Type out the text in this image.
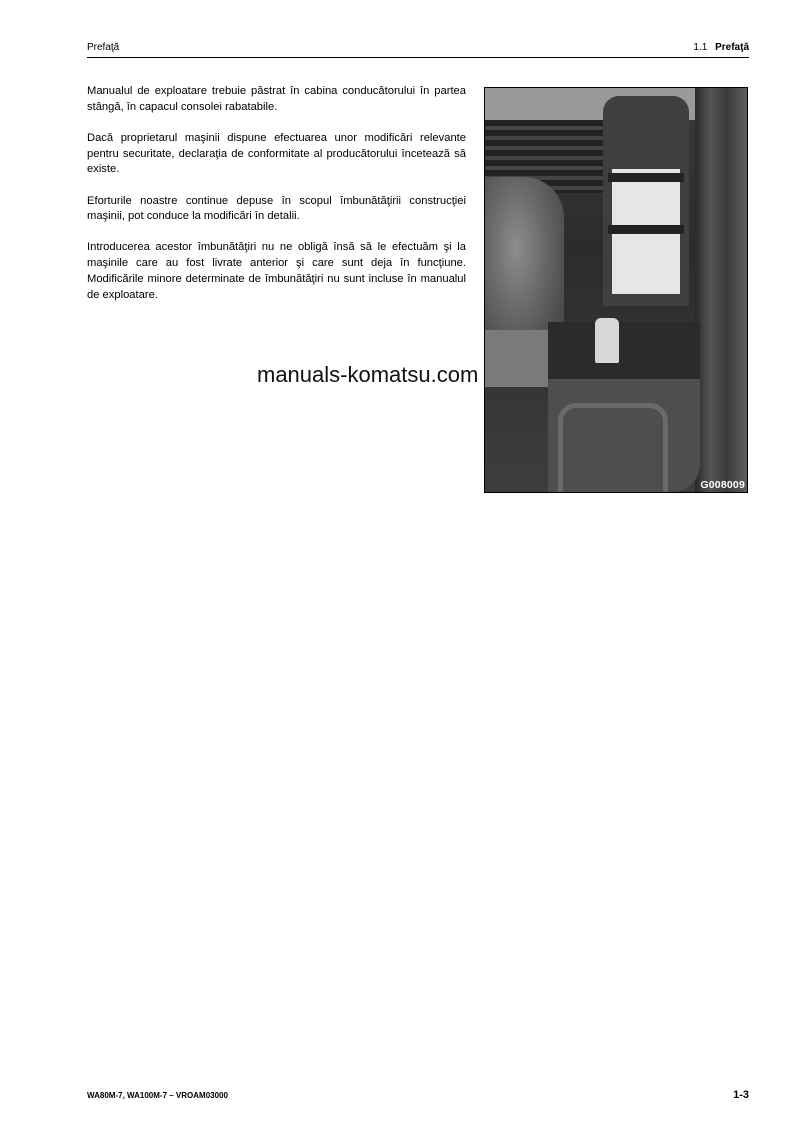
Prefaţă	1.1 Prefaţă

Manualul de exploatare trebuie păstrat în cabina conducătorului în partea stângă, în capacul consolei rabatabile.

Dacă proprietarul maşinii dispune efectuarea unor modificări relevante pentru securitate, declaraţia de conformitate al producătorului încetează să existe.

Eforturile noastre continue depuse în scopul îmbunătăţirii construcţiei maşinii, pot conduce la modificări în detalii.

Introducerea acestor îmbunătăţiri nu ne obligă însă să le efectuăm şi la maşinile care au fost livrate anterior şi care sunt deja în funcţiune. Modificările minore determinate de îmbunătăţiri nu sunt incluse în manualul de exploatare.

G008009
manuals-komatsu.com
WA80M-7, WA100M-7 – VROAM03000	1-3
